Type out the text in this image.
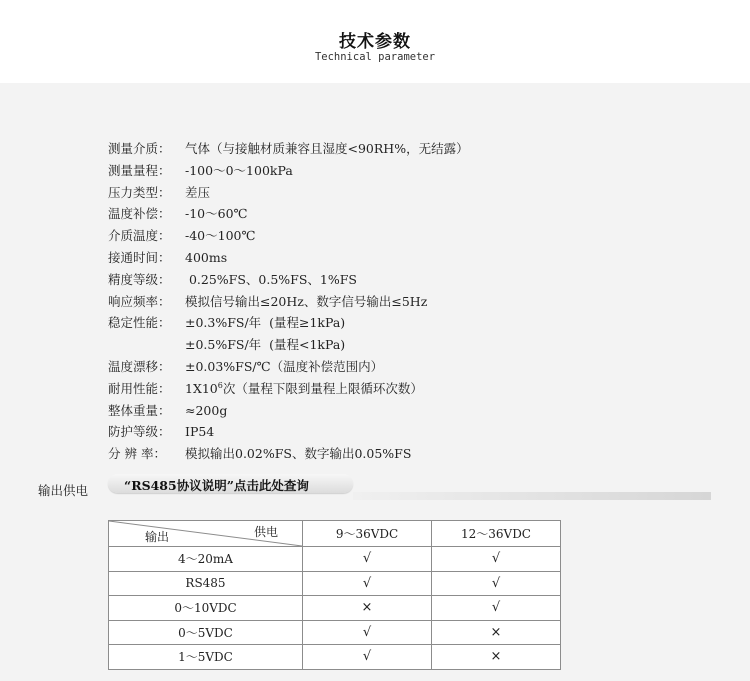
技术参数
Technical parameter
测量介质：	气体（与接触材质兼容且湿度<90RH%，无结露）
测量量程：	-100～0～100kPa
压力类型：	差压
温度补偿：	-10～60℃
介质温度：	-40～100℃
接通时间：	400ms
精度等级：	0.25%FS、0.5%FS、1%FS
响应频率：	模拟信号输出≤20Hz、数字信号输出≤5Hz
稳定性能：	±0.3%FS/年  (量程≥1kPa)
±0.5%FS/年  (量程<1kPa)
温度漂移：	±0.03%FS/℃（温度补偿范围内）
耐用性能：	$1X10^6$次（量程下限到量程上限循环次数）
整体重量：	≈200g
防护等级：	IP54
分 辨 率：	模拟输出0.02%FS、数字输出0.05%FS
输出供电	“RS485协议说明”点击此处查询
供电
输出	9～36VDC	12～36VDC
4～20mA	√	√
RS485	√	√
0～10VDC	×	√
0～5VDC	√	×
1～5VDC	√	×
